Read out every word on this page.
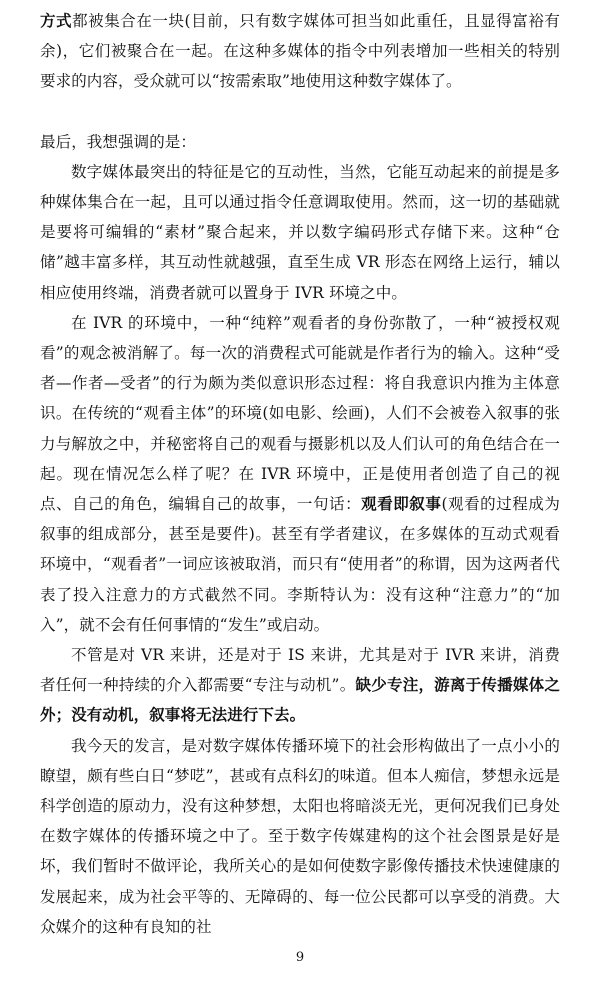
方式都被集合在一块(目前，只有数字媒体可担当如此重任，且显得富裕有余)，它们被聚合在一起。在这种多媒体的指令中列表增加一些相关的特别要求的内容，受众就可以“按需索取”地使用这种数字媒体了。

最后，我想强调的是：

数字媒体最突出的特征是它的互动性，当然，它能互动起来的前提是多种媒体集合在一起，且可以通过指令任意调取使用。然而，这一切的基础就是要将可编辑的“素材”聚合起来，并以数字编码形式存储下来。这种“仓储”越丰富多样，其互动性就越强，直至生成 VR 形态在网络上运行，辅以相应使用终端，消费者就可以置身于 IVR 环境之中。

在 IVR 的环境中，一种“纯粹”观看者的身份弥散了，一种“被授权观看”的观念被消解了。每一次的消费程式可能就是作者行为的输入。这种“受者—作者—受者”的行为颇为类似意识形态过程：将自我意识内推为主体意识。在传统的“观看主体”的环境(如电影、绘画)，人们不会被卷入叙事的张力与解放之中，并秘密将自己的观看与摄影机以及人们认可的角色结合在一起。现在情况怎么样了呢？在 IVR 环境中，正是使用者创造了自己的视点、自己的角色，编辑自己的故事，一句话：观看即叙事(观看的过程成为叙事的组成部分，甚至是要件)。甚至有学者建议，在多媒体的互动式观看环境中，“观看者”一词应该被取消，而只有“使用者”的称谓，因为这两者代表了投入注意力的方式截然不同。李斯特认为：没有这种“注意力”的“加入”，就不会有任何事情的“发生”或启动。

不管是对 VR 来讲，还是对于 IS 来讲，尤其是对于 IVR 来讲，消费者任何一种持续的介入都需要“专注与动机”。缺少专注，游离于传播媒体之外；没有动机，叙事将无法进行下去。

我今天的发言，是对数字媒体传播环境下的社会形构做出了一点小小的瞭望，颇有些白日“梦呓”，甚或有点科幻的味道。但本人痴信，梦想永远是科学创造的原动力，没有这种梦想，太阳也将暗淡无光，更何况我们已身处在数字媒体的传播环境之中了。至于数字传媒建构的这个社会图景是好是坏，我们暂时不做评论，我所关心的是如何使数字影像传播技术快速健康的发展起来，成为社会平等的、无障碍的、每一位公民都可以享受的消费。大众媒介的这种有良知的社

9
